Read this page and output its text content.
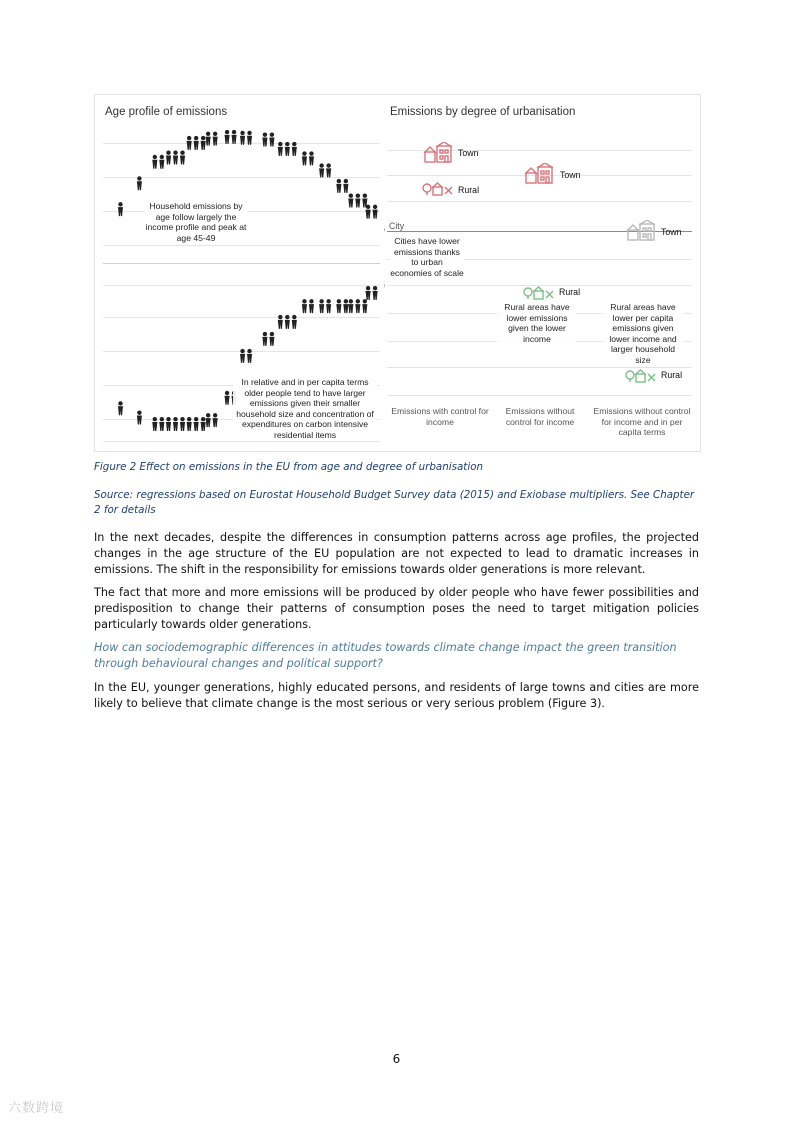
Age profile of emissions
Household emissions by age follow largely the income profile and peak at age 45-49
In relative and in per capita terms older people tend to have larger emissions given their smaller household size and concentration of expenditures on carbon intensive residential items
Emissions by degree of urbanisation
City
Town
Rural
Cities have lower emissions thanks to urban economies of scale
Town
Rural
Rural areas have lower emissions given the lower income
Town
Rural areas have lower per capita emissions given lower income and larger household size
Rural
Emissions with control for income
Emissions without control for income
Emissions without control for income and in per capita terms
Figure 2 Effect on emissions in the EU from age and degree of urbanisation
Source: regressions based on Eurostat Household Budget Survey data (2015) and Exiobase multipliers. See Chapter 2 for details
In the next decades, despite the differences in consumption patterns across age profiles, the projected changes in the age structure of the EU population are not expected to lead to dramatic increases in emissions. The shift in the responsibility for emissions towards older generations is more relevant.
The fact that more and more emissions will be produced by older people who have fewer possibilities and predisposition to change their patterns of consumption poses the need to target mitigation policies particularly towards older generations.
How can sociodemographic differences in attitudes towards climate change impact the green transition through behavioural changes and political support?
In the EU, younger generations, highly educated persons, and residents of large towns and cities are more likely to believe that climate change is the most serious or very serious problem (Figure 3).
6
六数跨境
